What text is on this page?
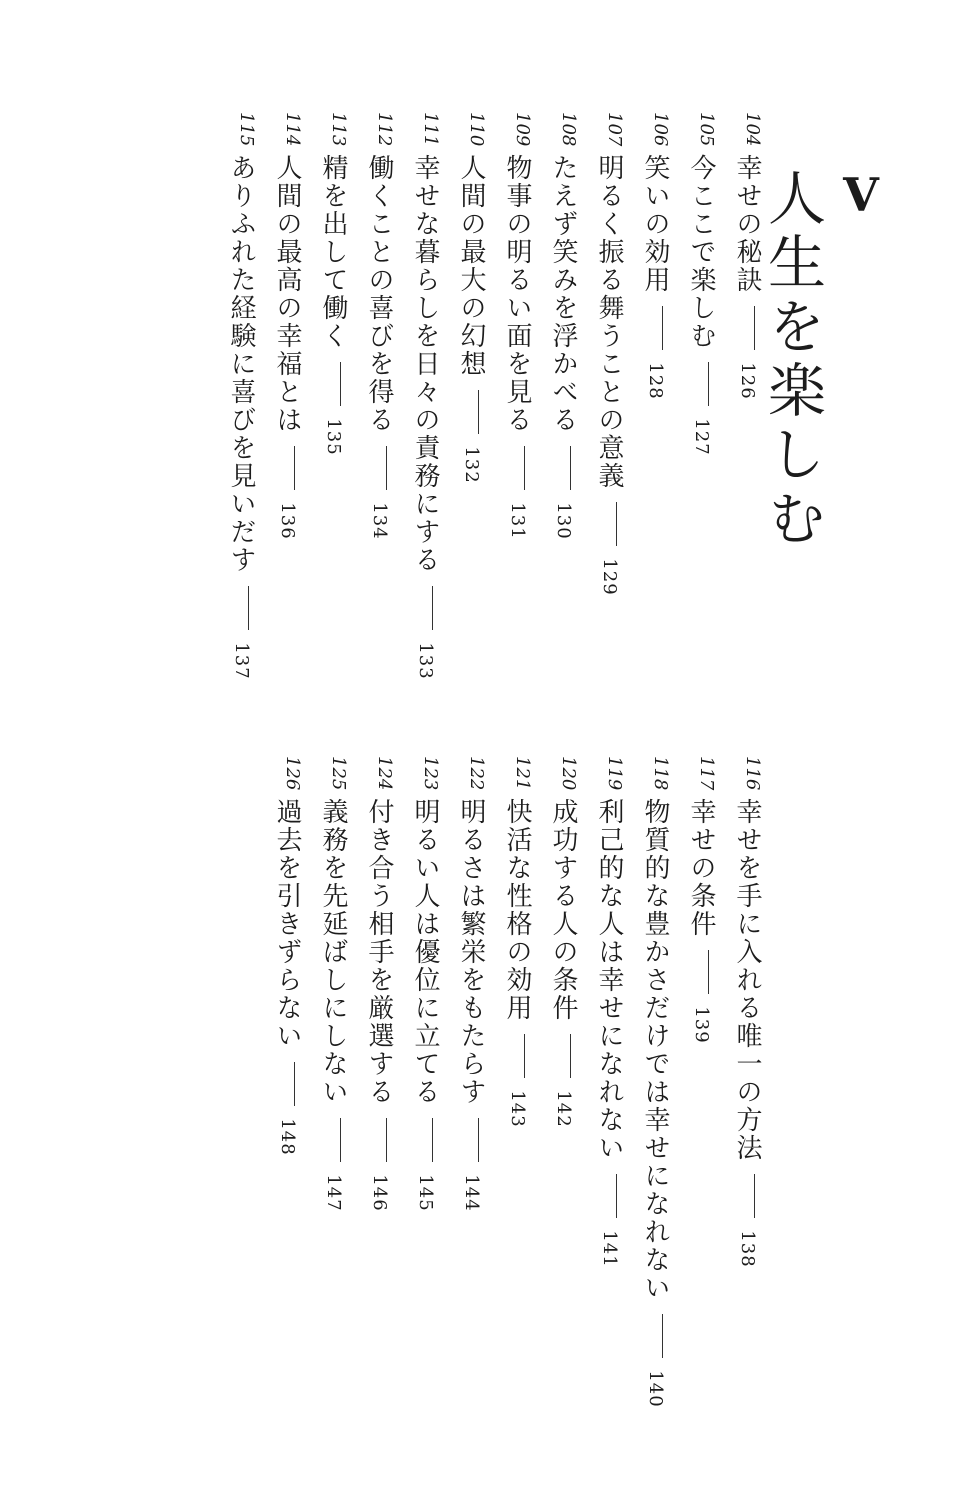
V
人生を楽しむ
104幸せの秘訣126
105今ここで楽しむ127
106笑いの効用128
107明るく振る舞うことの意義129
108たえず笑みを浮かべる130
109物事の明るい面を見る131
110人間の最大の幻想132
111幸せな暮らしを日々の責務にする133
112働くことの喜びを得る134
113精を出して働く135
114人間の最高の幸福とは136
115ありふれた経験に喜びを見いだす137
116幸せを手に入れる唯一の方法138
117幸せの条件139
118物質的な豊かさだけでは幸せになれない140
119利己的な人は幸せになれない141
120成功する人の条件142
121快活な性格の効用143
122明るさは繁栄をもたらす144
123明るい人は優位に立てる145
124付き合う相手を厳選する146
125義務を先延ばしにしない147
126過去を引きずらない148
